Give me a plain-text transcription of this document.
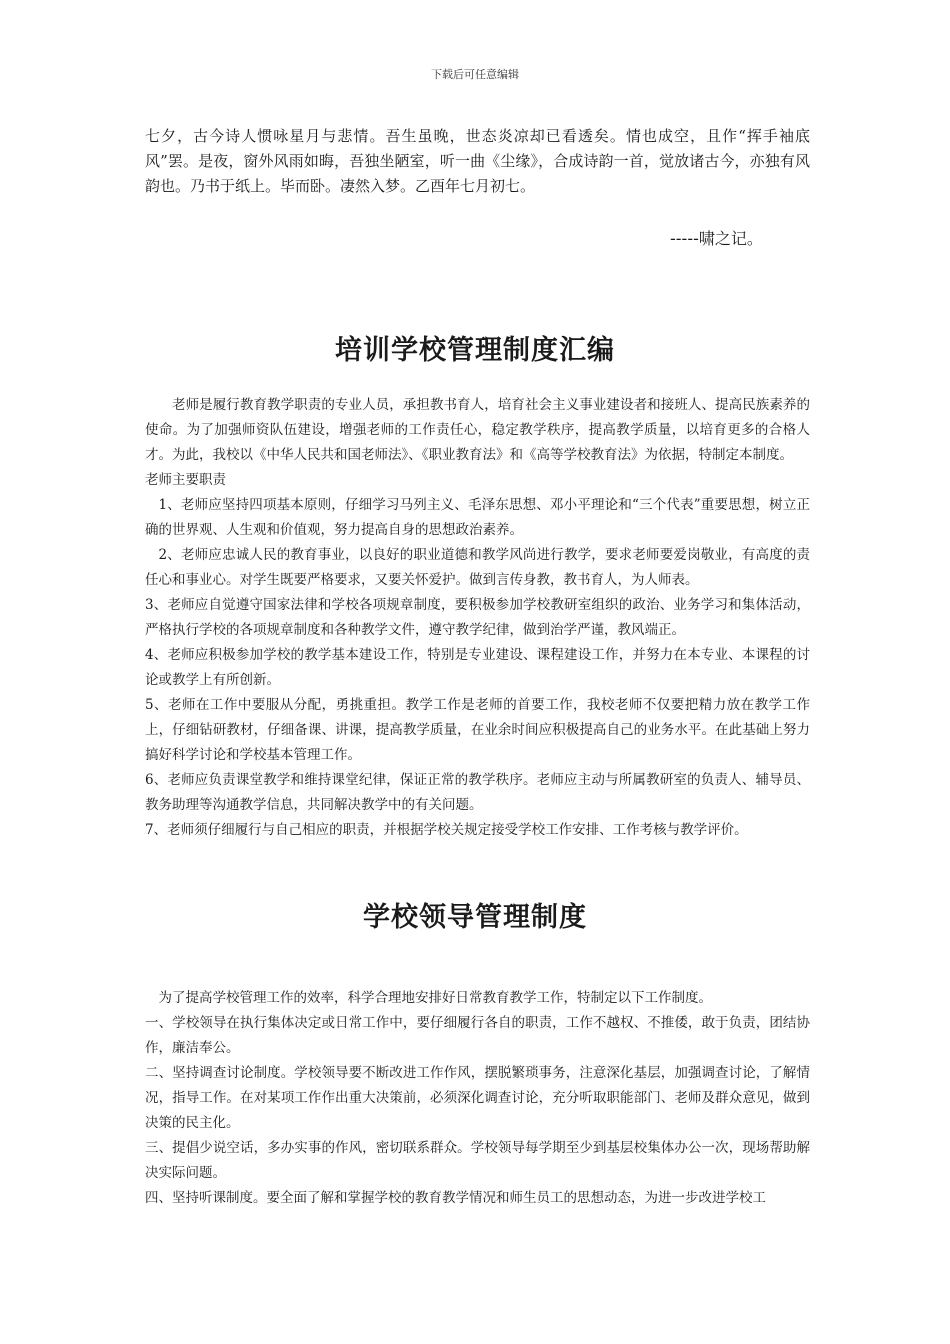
下载后可任意编辑

七夕，古今诗人惯咏星月与悲情。吾生虽晚，世态炎凉却已看透矣。情也成空，且作“挥手袖底风”罢。是夜，窗外风雨如晦，吾独坐陋室，听一曲《尘缘》，合成诗韵一首，觉放诸古今，亦独有风韵也。乃书于纸上。毕而卧。凄然入梦。乙酉年七月初七。

-----啸之记。
培训学校管理制度汇编

老师是履行教育教学职责的专业人员，承担教书育人，培育社会主义事业建设者和接班人、提高民族素养的使命。为了加强师资队伍建设，增强老师的工作责任心，稳定教学秩序，提高教学质量，以培育更多的合格人才。为此，我校以《中华人民共和国老师法》、《职业教育法》和《高等学校教育法》为依据，特制定本制度。

老师主要职责

1、老师应坚持四项基本原则，仔细学习马列主义、毛泽东思想、邓小平理论和“三个代表”重要思想，树立正确的世界观、人生观和价值观，努力提高自身的思想政治素养。

2、老师应忠诚人民的教育事业，以良好的职业道德和教学风尚进行教学，要求老师要爱岗敬业，有高度的责任心和事业心。对学生既要严格要求，又要关怀爱护。做到言传身教，教书育人，为人师表。

3、老师应自觉遵守国家法律和学校各项规章制度，要积极参加学校教研室组织的政治、业务学习和集体活动，严格执行学校的各项规章制度和各种教学文件，遵守教学纪律，做到治学严谨，教风端正。

4、老师应积极参加学校的教学基本建设工作，特别是专业建设、课程建设工作，并努力在本专业、本课程的讨论或教学上有所创新。

5、老师在工作中要服从分配，勇挑重担。教学工作是老师的首要工作，我校老师不仅要把精力放在教学工作上，仔细钻研教材，仔细备课、讲课，提高教学质量，在业余时间应积极提高自己的业务水平。在此基础上努力搞好科学讨论和学校基本管理工作。

6、老师应负责课堂教学和维持课堂纪律，保证正常的教学秩序。老师应主动与所属教研室的负责人、辅导员、教务助理等沟通教学信息，共同解决教学中的有关问题。

7、老师须仔细履行与自己相应的职责，并根据学校关规定接受学校工作安排、工作考核与教学评价。

学校领导管理制度

为了提高学校管理工作的效率，科学合理地安排好日常教育教学工作，特制定以下工作制度。

一、学校领导在执行集体决定或日常工作中，要仔细履行各自的职责，工作不越权、不推倭，敢于负责，团结协作，廉洁奉公。

二、坚持调查讨论制度。学校领导要不断改进工作作风，摆脱繁琐事务，注意深化基层，加强调查讨论，了解情况，指导工作。在对某项工作作出重大决策前，必须深化调查讨论，充分听取职能部门、老师及群众意见，做到决策的民主化。

三、提倡少说空话，多办实事的作风，密切联系群众。学校领导每学期至少到基层校集体办公一次，现场帮助解决实际问题。

四、坚持听课制度。要全面了解和掌握学校的教育教学情况和师生员工的思想动态，为进一步改进学校工
